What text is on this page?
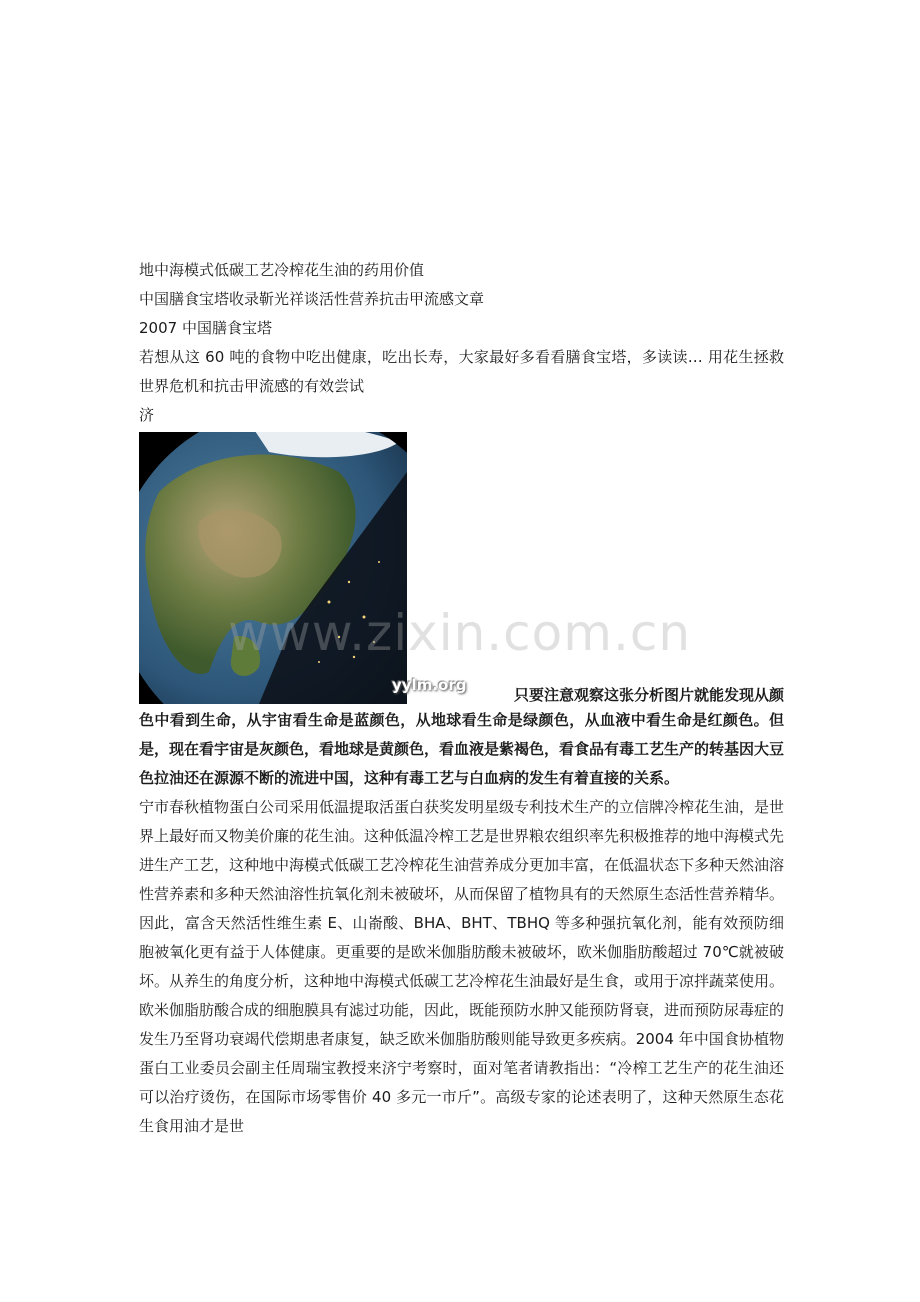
地中海模式低碳工艺冷榨花生油的药用价值

中国膳食宝塔收录靳光祥谈活性营养抗击甲流感文章

2007 中国膳食宝塔

若想从这 60 吨的食物中吃出健康，吃出长寿，大家最好多看看膳食宝塔，多读读… 用花生拯救世界危机和抗击甲流感的有效尝试

济

yylm.org
只要注意观察这张分析图片就能发现从颜

色中看到生命，从宇宙看生命是蓝颜色，从地球看生命是绿颜色，从血液中看生命是红颜色。但是，现在看宇宙是灰颜色，看地球是黄颜色，看血液是紫褐色，看食品有毒工艺生产的转基因大豆色拉油还在源源不断的流进中国，这种有毒工艺与白血病的发生有着直接的关系。

宁市春秋植物蛋白公司采用低温提取活蛋白获奖发明星级专利技术生产的立信牌冷榨花生油，是世界上最好而又物美价廉的花生油。这种低温冷榨工艺是世界粮农组织率先积极推荐的地中海模式先进生产工艺，这种地中海模式低碳工艺冷榨花生油营养成分更加丰富，在低温状态下多种天然油溶性营养素和多种天然油溶性抗氧化剂未被破坏，从而保留了植物具有的天然原生态活性营养精华。因此，富含天然活性维生素 E、山嵛酸、BHA、BHT、TBHQ 等多种强抗氧化剂，能有效预防细胞被氧化更有益于人体健康。更重要的是欧米伽脂肪酸未被破坏，欧米伽脂肪酸超过 70℃就被破坏。从养生的角度分析，这种地中海模式低碳工艺冷榨花生油最好是生食，或用于凉拌蔬菜使用。欧米伽脂肪酸合成的细胞膜具有滤过功能，因此，既能预防水肿又能预防肾衰，进而预防尿毒症的发生乃至肾功衰竭代偿期患者康复，缺乏欧米伽脂肪酸则能导致更多疾病。2004 年中国食协植物蛋白工业委员会副主任周瑞宝教授来济宁考察时，面对笔者请教指出：“冷榨工艺生产的花生油还可以治疗烫伤，在国际市场零售价 40 多元一市斤”。高级专家的论述表明了，这种天然原生态花生食用油才是世

www.zixin.com.cn
